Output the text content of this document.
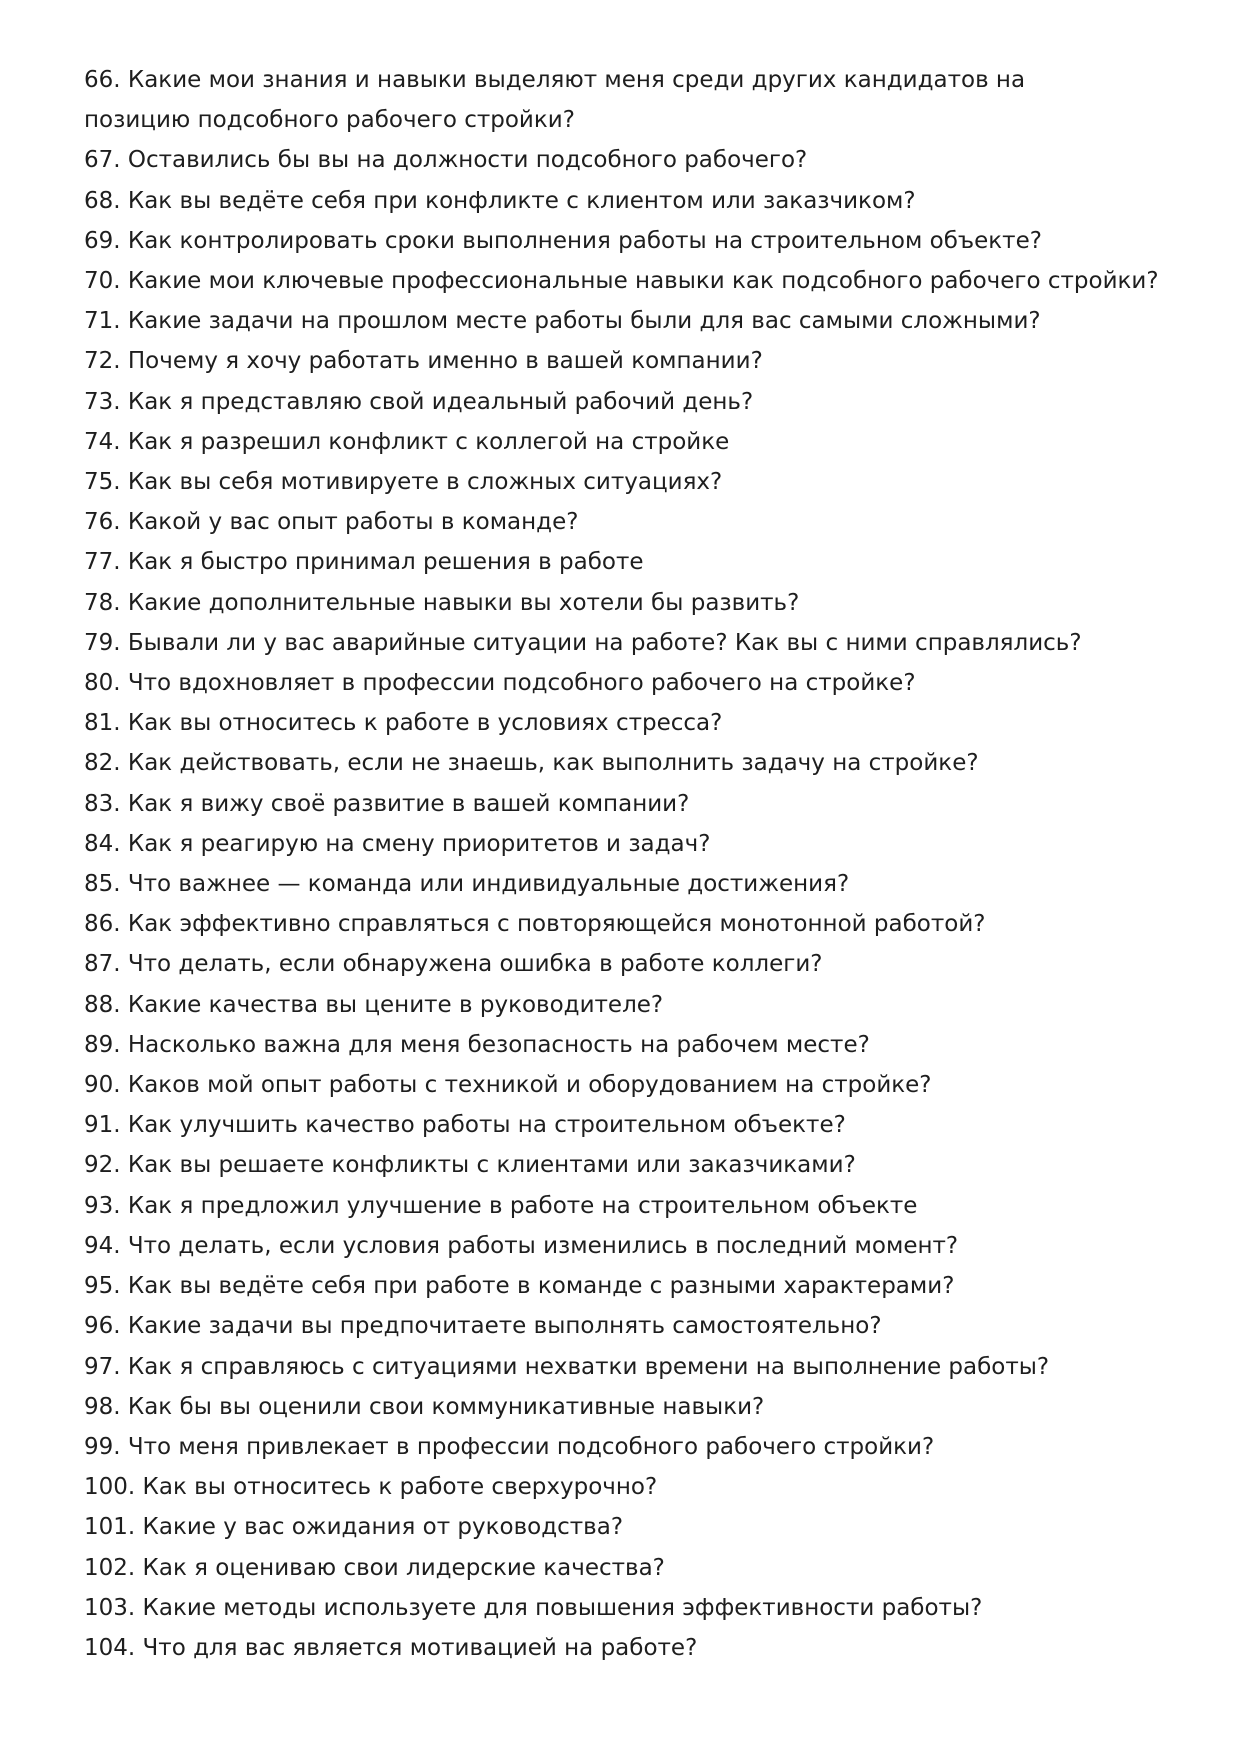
66. Какие мои знания и навыки выделяют меня среди других кандидатов на позицию подсобного рабочего стройки?

67. Оставились бы вы на должности подсобного рабочего?

68. Как вы ведёте себя при конфликте с клиентом или заказчиком?

69. Как контролировать сроки выполнения работы на строительном объекте?

70. Какие мои ключевые профессиональные навыки как подсобного рабочего стройки?

71. Какие задачи на прошлом месте работы были для вас самыми сложными?

72. Почему я хочу работать именно в вашей компании?

73. Как я представляю свой идеальный рабочий день?

74. Как я разрешил конфликт с коллегой на стройке

75. Как вы себя мотивируете в сложных ситуациях?

76. Какой у вас опыт работы в команде?

77. Как я быстро принимал решения в работе

78. Какие дополнительные навыки вы хотели бы развить?

79. Бывали ли у вас аварийные ситуации на работе? Как вы с ними справлялись?

80. Что вдохновляет в профессии подсобного рабочего на стройке?

81. Как вы относитесь к работе в условиях стресса?

82. Как действовать, если не знаешь, как выполнить задачу на стройке?

83. Как я вижу своё развитие в вашей компании?

84. Как я реагирую на смену приоритетов и задач?

85. Что важнее — команда или индивидуальные достижения?

86. Как эффективно справляться с повторяющейся монотонной работой?

87. Что делать, если обнаружена ошибка в работе коллеги?

88. Какие качества вы цените в руководителе?

89. Насколько важна для меня безопасность на рабочем месте?

90. Каков мой опыт работы с техникой и оборудованием на стройке?

91. Как улучшить качество работы на строительном объекте?

92. Как вы решаете конфликты с клиентами или заказчиками?

93. Как я предложил улучшение в работе на строительном объекте

94. Что делать, если условия работы изменились в последний момент?

95. Как вы ведёте себя при работе в команде с разными характерами?

96. Какие задачи вы предпочитаете выполнять самостоятельно?

97. Как я справляюсь с ситуациями нехватки времени на выполнение работы?

98. Как бы вы оценили свои коммуникативные навыки?

99. Что меня привлекает в профессии подсобного рабочего стройки?

100. Как вы относитесь к работе сверхурочно?

101. Какие у вас ожидания от руководства?

102. Как я оцениваю свои лидерские качества?

103. Какие методы используете для повышения эффективности работы?

104. Что для вас является мотивацией на работе?
